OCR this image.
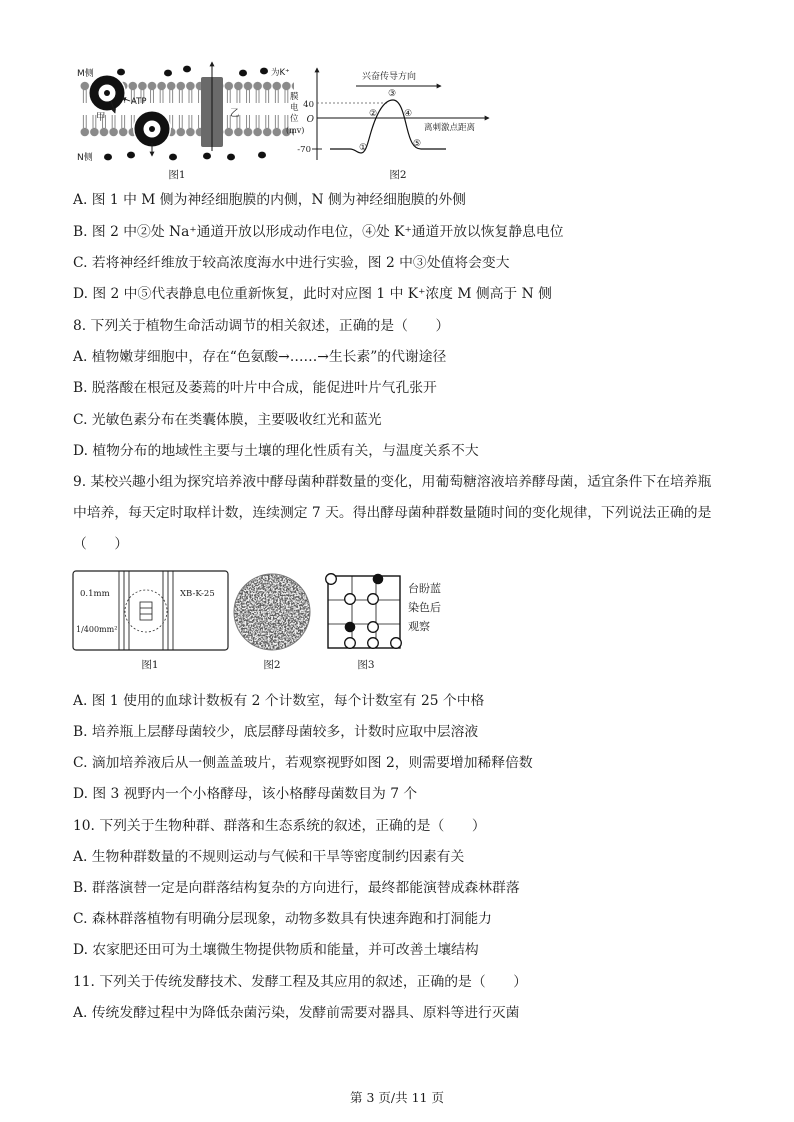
ATP
甲	乙
M侧
N侧
为K⁺
图1
兴奋传导方向
膜
电
位
(mv)
40
O
-70	①
②
③
④
⑤
离刺激点距离
图2
A. 图 1 中 M 侧为神经细胞膜的内侧，N 侧为神经细胞膜的外侧
B. 图 2 中②处 Na⁺通道开放以形成动作电位，④处 K⁺通道开放以恢复静息电位
C. 若将神经纤维放于较高浓度海水中进行实验，图 2 中③处值将会变大
D. 图 2 中⑤代表静息电位重新恢复，此时对应图 1 中 K⁺浓度 M 侧高于 N 侧
8. 下列关于植物生命活动调节的相关叙述，正确的是（　　）
A. 植物嫩芽细胞中，存在“色氨酸→……→生长素”的代谢途径
B. 脱落酸在根冠及萎蔫的叶片中合成，能促进叶片气孔张开
C. 光敏色素分布在类囊体膜，主要吸收红光和蓝光
D. 植物分布的地域性主要与土壤的理化性质有关，与温度关系不大
9. 某校兴趣小组为探究培养液中酵母菌种群数量的变化，用葡萄糖溶液培养酵母菌，适宜条件下在培养瓶
中培养，每天定时取样计数，连续测定 7 天。得出酵母菌种群数量随时间的变化规律，下列说法正确的是
（　　）
0.1mm
1/400mm²
XB-K-25
图1	图2
台盼蓝
染色后
观察
图3
A. 图 1 使用的血球计数板有 2 个计数室，每个计数室有 25 个中格
B. 培养瓶上层酵母菌较少，底层酵母菌较多，计数时应取中层溶液
C. 滴加培养液后从一侧盖盖玻片，若观察视野如图 2，则需要增加稀释倍数
D. 图 3 视野内一个小格酵母，该小格酵母菌数目为 7 个
10. 下列关于生物种群、群落和生态系统的叙述，正确的是（　　）
A. 生物种群数量的不规则运动与气候和干旱等密度制约因素有关
B. 群落演替一定是向群落结构复杂的方向进行，最终都能演替成森林群落
C. 森林群落植物有明确分层现象，动物多数具有快速奔跑和打洞能力
D. 农家肥还田可为土壤微生物提供物质和能量，并可改善土壤结构
11. 下列关于传统发酵技术、发酵工程及其应用的叙述，正确的是（　　）
A. 传统发酵过程中为降低杂菌污染，发酵前需要对器具、原料等进行灭菌
第 3 页/共 11 页
